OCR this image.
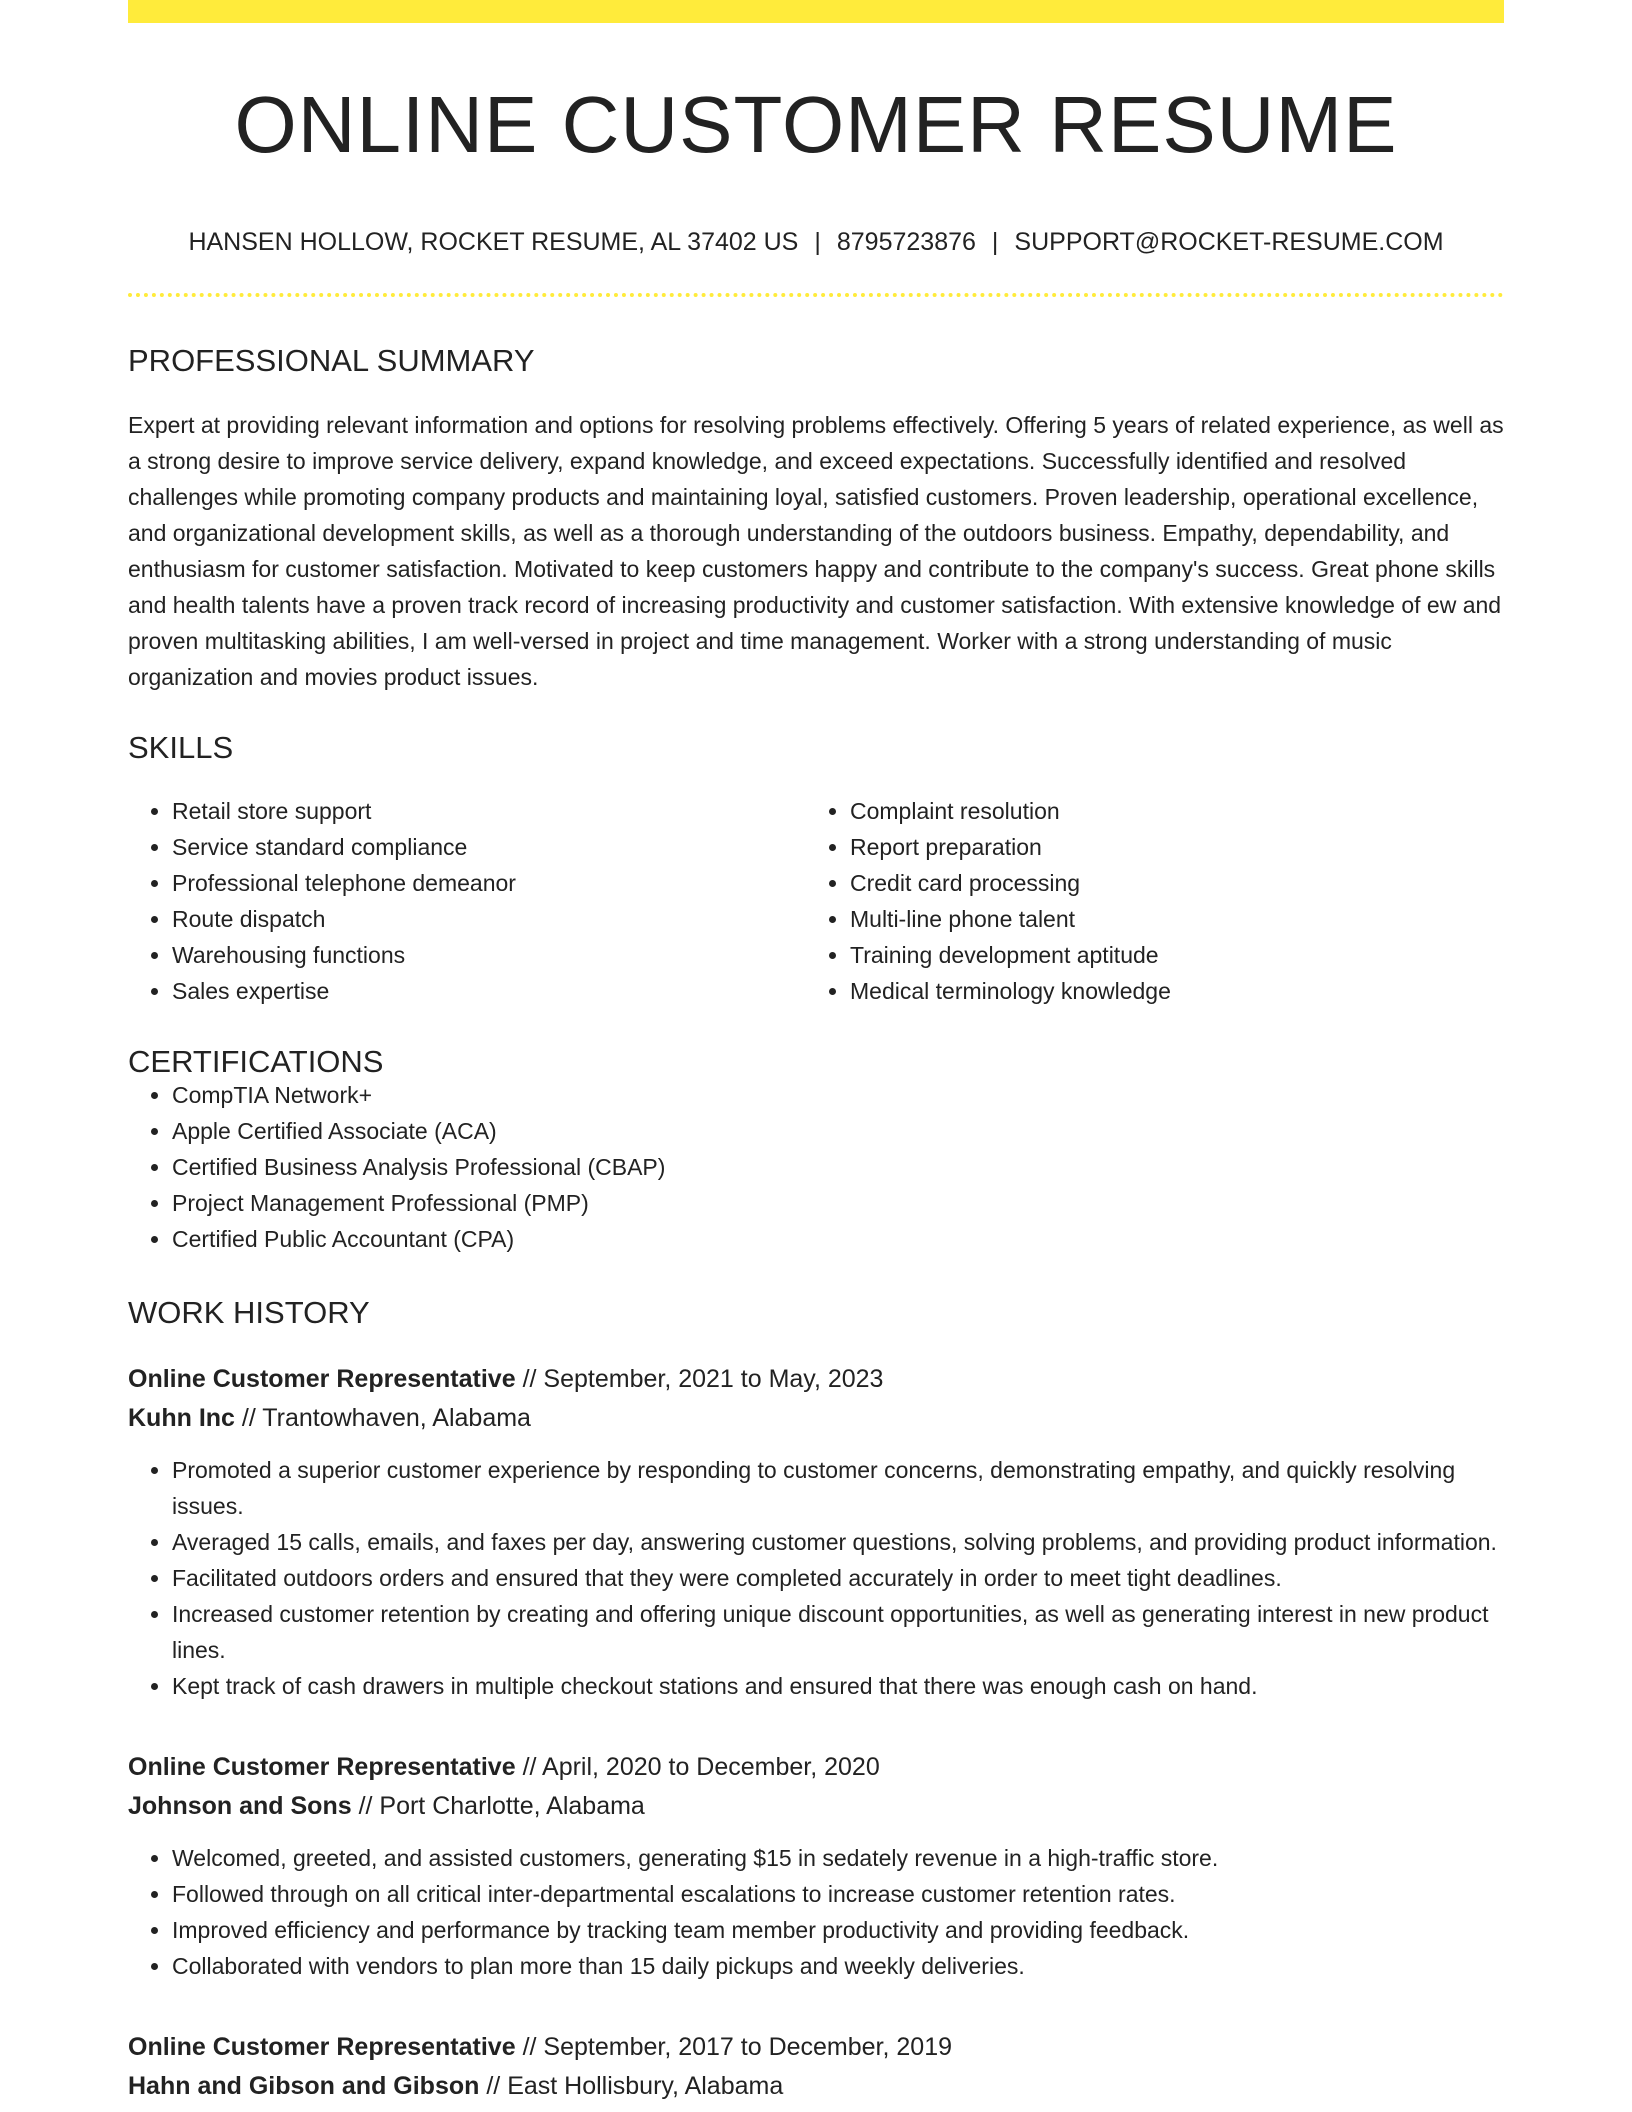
ONLINE CUSTOMER RESUME
HANSEN HOLLOW, ROCKET RESUME, AL 37402 US | 8795723876 | SUPPORT@ROCKET-RESUME.COM
PROFESSIONAL SUMMARY

Expert at providing relevant information and options for resolving problems effectively. Offering 5 years of related experience, as well as a strong desire to improve service delivery, expand knowledge, and exceed expectations. Successfully identified and resolved challenges while promoting company products and maintaining loyal, satisfied customers. Proven leadership, operational excellence, and organizational development skills, as well as a thorough understanding of the outdoors business. Empathy, dependability, and enthusiasm for customer satisfaction. Motivated to keep customers happy and contribute to the company's success. Great phone skills and health talents have a proven track record of increasing productivity and customer satisfaction. With extensive knowledge of ew and proven multitasking abilities, I am well-versed in project and time management. Worker with a strong understanding of music organization and movies product issues.

SKILLS
• Retail store support
• Service standard compliance
• Professional telephone demeanor
• Route dispatch
• Warehousing functions
• Sales expertise
• Complaint resolution
• Report preparation
• Credit card processing
• Multi-line phone talent
• Training development aptitude
• Medical terminology knowledge
CERTIFICATIONS
• CompTIA Network+
• Apple Certified Associate (ACA)
• Certified Business Analysis Professional (CBAP)
• Project Management Professional (PMP)
• Certified Public Accountant (CPA)
WORK HISTORY
Online Customer Representative // September, 2021 to May, 2023
Kuhn Inc // Trantowhaven, Alabama
• Promoted a superior customer experience by responding to customer concerns, demonstrating empathy, and quickly resolving issues.
• Averaged 15 calls, emails, and faxes per day, answering customer questions, solving problems, and providing product information.
• Facilitated outdoors orders and ensured that they were completed accurately in order to meet tight deadlines.
• Increased customer retention by creating and offering unique discount opportunities, as well as generating interest in new product lines.
• Kept track of cash drawers in multiple checkout stations and ensured that there was enough cash on hand.
Online Customer Representative // April, 2020 to December, 2020
Johnson and Sons // Port Charlotte, Alabama
• Welcomed, greeted, and assisted customers, generating $15 in sedately revenue in a high-traffic store.
• Followed through on all critical inter-departmental escalations to increase customer retention rates.
• Improved efficiency and performance by tracking team member productivity and providing feedback.
• Collaborated with vendors to plan more than 15 daily pickups and weekly deliveries.
Online Customer Representative // September, 2017 to December, 2019
Hahn and Gibson and Gibson // East Hollisbury, Alabama
